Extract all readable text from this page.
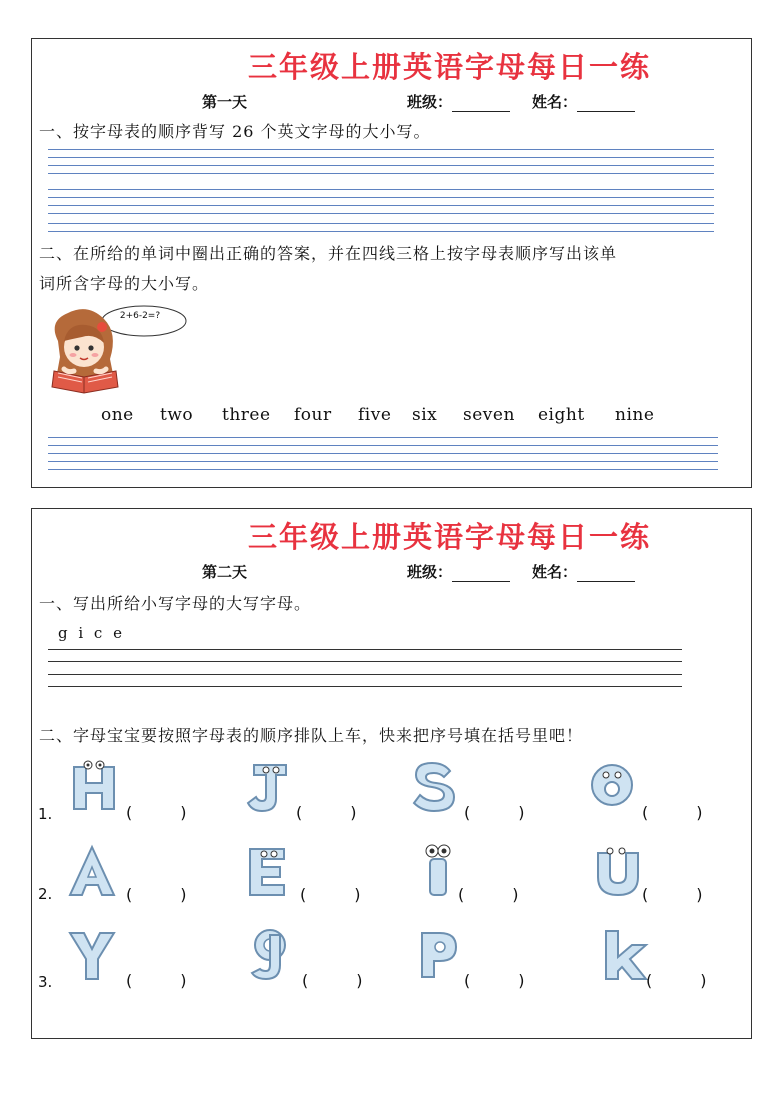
三年级上册英语字母每日一练
第一天	班级：	姓名：
一、按字母表的顺序背写 26 个英文字母的大小写。
二、在所给的单词中圈出正确的答案，并在四线三格上按字母表顺序写出该单
词所含字母的大小写。
2+6-2=?
one two three four five six seven eight nine
三年级上册英语字母每日一练
第二天	班级：	姓名：
一、写出所给小写字母的大写字母。
g i c e
二、字母宝宝要按照字母表的顺序排队上车，快来把序号填在括号里吧！
1.
2.
3.
(	)	(	)	(	)	(	)
(	)	(	)	(	)	(	)
(	)	(	)	(	)	(	)
